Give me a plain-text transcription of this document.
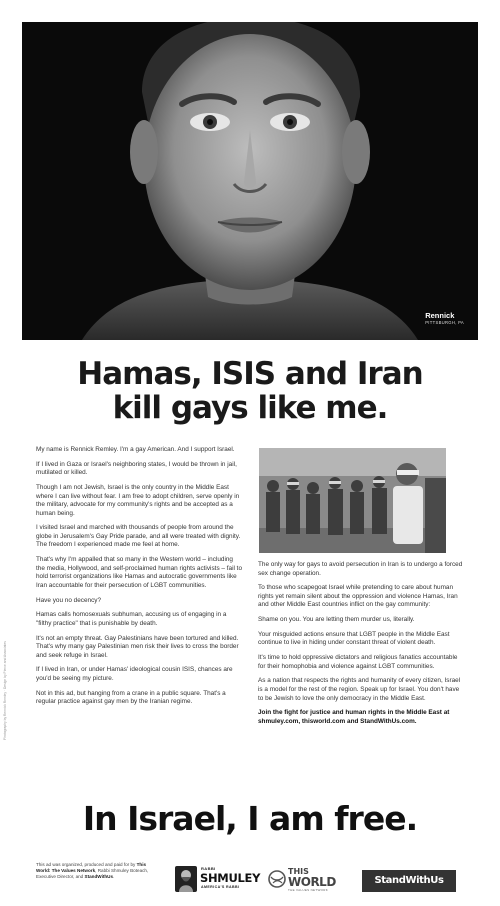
Rennick
PITTSBURGH, PA
Hamas, ISIS and Iran
kill gays like me.

My name is Rennick Remley. I'm a gay American. And I support Israel.

If I lived in Gaza or Israel's neighboring states, I would be thrown in jail, mutilated or killed.

Though I am not Jewish, Israel is the only country in the Middle East where I can live without fear. I am free to adopt children, serve openly in the military, advocate for my community's rights and be accepted as a human being.

I visited Israel and marched with thousands of people from around the globe in Jerusalem's Gay Pride parade, and all were treated with dignity. The freedom I experienced made me feel at home.

That's why I'm appalled that so many in the Western world – including the media, Hollywood, and self-proclaimed human rights activists – fail to hold terrorist organizations like Hamas and autocratic governments like Iran accountable for their persecution of LGBT communities.

Have you no decency?

Hamas calls homosexuals subhuman, accusing us of engaging in a "filthy practice" that is punishable by death.

It's not an empty threat. Gay Palestinians have been tortured and killed. That's why many gay Palestinian men risk their lives to cross the border and seek refuge in Israel.

If I lived in Iran, or under Hamas' ideological cousin ISIS, chances are you'd be seeing my picture.

Not in this ad, but hanging from a crane in a public square. That's a regular practice against gay men by the Iranian regime.

The only way for gays to avoid persecution in Iran is to undergo a forced sex change operation.

To those who scapegoat Israel while pretending to care about human rights yet remain silent about the oppression and violence Hamas, Iran and other Middle East countries inflict on the gay community:

Shame on you. You are letting them murder us, literally.

Your misguided actions ensure that LGBT people in the Middle East continue to live in hiding under constant threat of violent death.

It's time to hold oppressive dictators and religious fanatics accountable for their homophobia and violence against LGBT communities.

As a nation that respects the rights and humanity of every citizen, Israel is a model for the rest of the region. Speak up for Israel. You don't have to be Jewish to love the only democracy in the Middle East.

Join the fight for justice and human rights in the Middle East at shmuley.com, thisworld.com and StandWithUs.com.

In Israel, I am free.
Photography by Rennick Remley · Design by Pierce and Associates
This ad was organized, produced and paid for by This World: The Values Network, Rabbi Shmuley Boteach, Executive Director, and StandWithUs.
RABBI
SHMULEY
AMERICA'S RABBI
THIS
WORLD
THE VALUES NETWORK
StandWithUs
